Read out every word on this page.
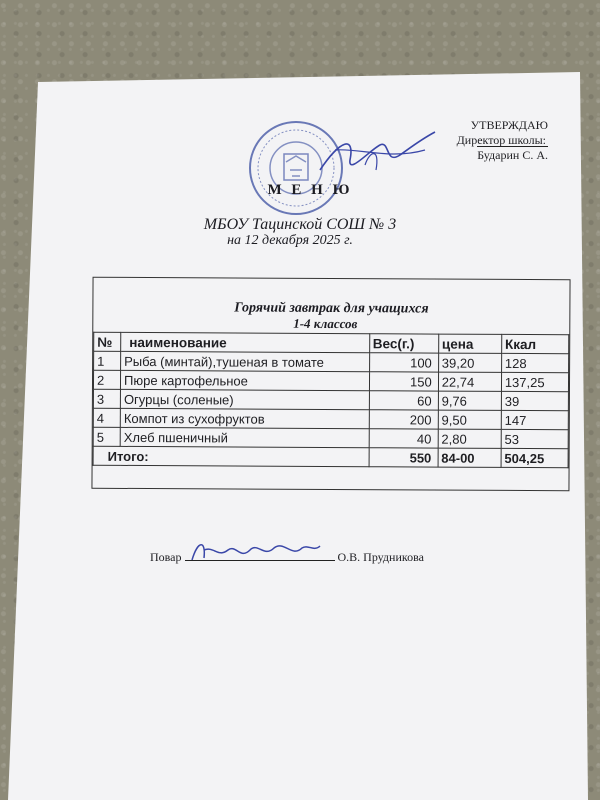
УТВЕРЖДАЮ
Директор школы:
Бударин С. А.
М Е Н Ю
МБОУ Тацинской СОШ № 3
на 12 декабря 2025 г.
Горячий завтрак для учащихся
1-4 классов
№	наименование	Вес(г.)	цена	Ккал
1	Рыба (минтай),тушеная в томате	100	39,20	128
2	Пюре картофельное	150	22,74	137,25
3	Огурцы (соленые)	60	9,76	39
4	Компот из сухофруктов	200	9,50	147
5	Хлеб пшеничный	40	2,80	53
Итого:		550	84-00	504,25
Повар	О.В. Прудникова
